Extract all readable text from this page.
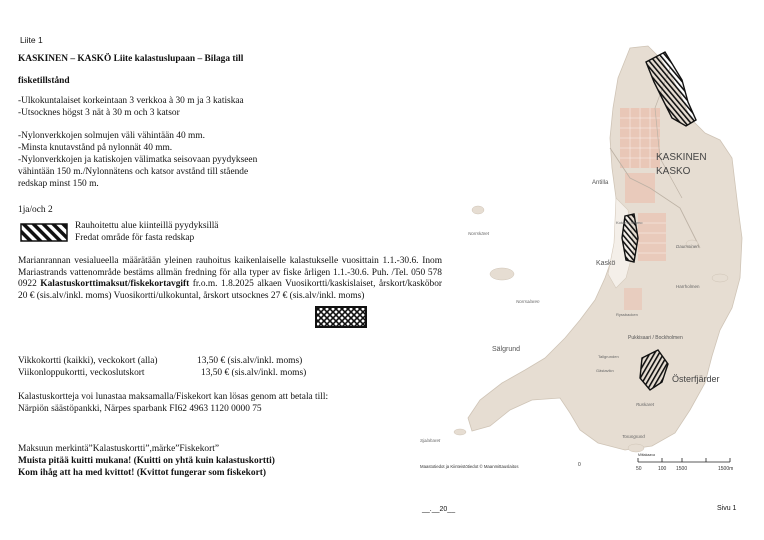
Liite 1
KASKINEN – KASKÖ Liite kalastuslupaan – Bilaga till
fisketillstånd
-Ulkokuntalaiset korkeintaan 3 verkkoa à 30 m ja 3 katiskaa
-Utsocknes högst 3 nät à 30 m och 3 katsor
-Nylonverkkojen solmujen väli vähintään 40 mm.
-Minsta knutavstånd på nylonnät 40 mm.
-Nylonverkkojen ja katiskojen välimatka seisovaan pyydykseen
vähintään 150 m./Nylonnätens och katsor avstånd till stående
redskap minst 150 m.
1ja/och 2
Rauhoitettu alue kiinteillä pyydyksillä
Fredat område för fasta redskap
Marianrannan vesialueella määrätään yleinen rauhoitus kaikenlaiselle kalastukselle vuosittain 1.1.-30.6. Inom Mariastrands vattenområde bestäms allmän fredning för alla typer av fiske årligen 1.1.-30.6. Puh. /Tel. 050 578 0922 Kalastuskorttimaksut/fiskekortavgift fr.o.m. 1.8.2025 alkaen Vuosikortti/kaskislaiset, årskort/kasköbor 20 € (sis.alv/inkl. moms) Vuosikortti/ulkokuntal, årskort utsocknes 27 € (sis.alv/inkl. moms)
Vikkokortti (kaikki), veckokort (alla)	13,50 € (sis.alv/inkl. moms)
Viikonloppukortti, veckoslutskort	13,50 € (sis.alv/inkl. moms)
Kalastuskortteja voi lunastaa maksamalla/Fiskekort kan lösas genom att betala till:
Närpiön säästöpankki, Närpes sparbank FI62 4963 1120 0000 75
Maksuun merkintä”Kalastuskortti”,märke”Fiskekort”
Muista pitää kuitti mukana! (Kuitti on yhtä kuin kalastuskortti)
Kom ihåg att ha med kvittot! (Kvittot fungerar som fiskekort)
KASKINEN
KASKO
Antilla
Kaskö
Kotamo Vramo
Norrskäret
Norrsalaren
Sälgrund
Daumsinen
Harrholmen
Pukkisaari / Bockholmen
Österfjärder
Ruskaret
Torungrund
Sjalaharet
Tallgrunden
Gästavikn
Ryssbacken
Maastotiedot ja Kiinteistötiedot © Maanmittauslaitos	0
Mittakaava
50	100 1500	1500m
__.__20__	Sivu 1
